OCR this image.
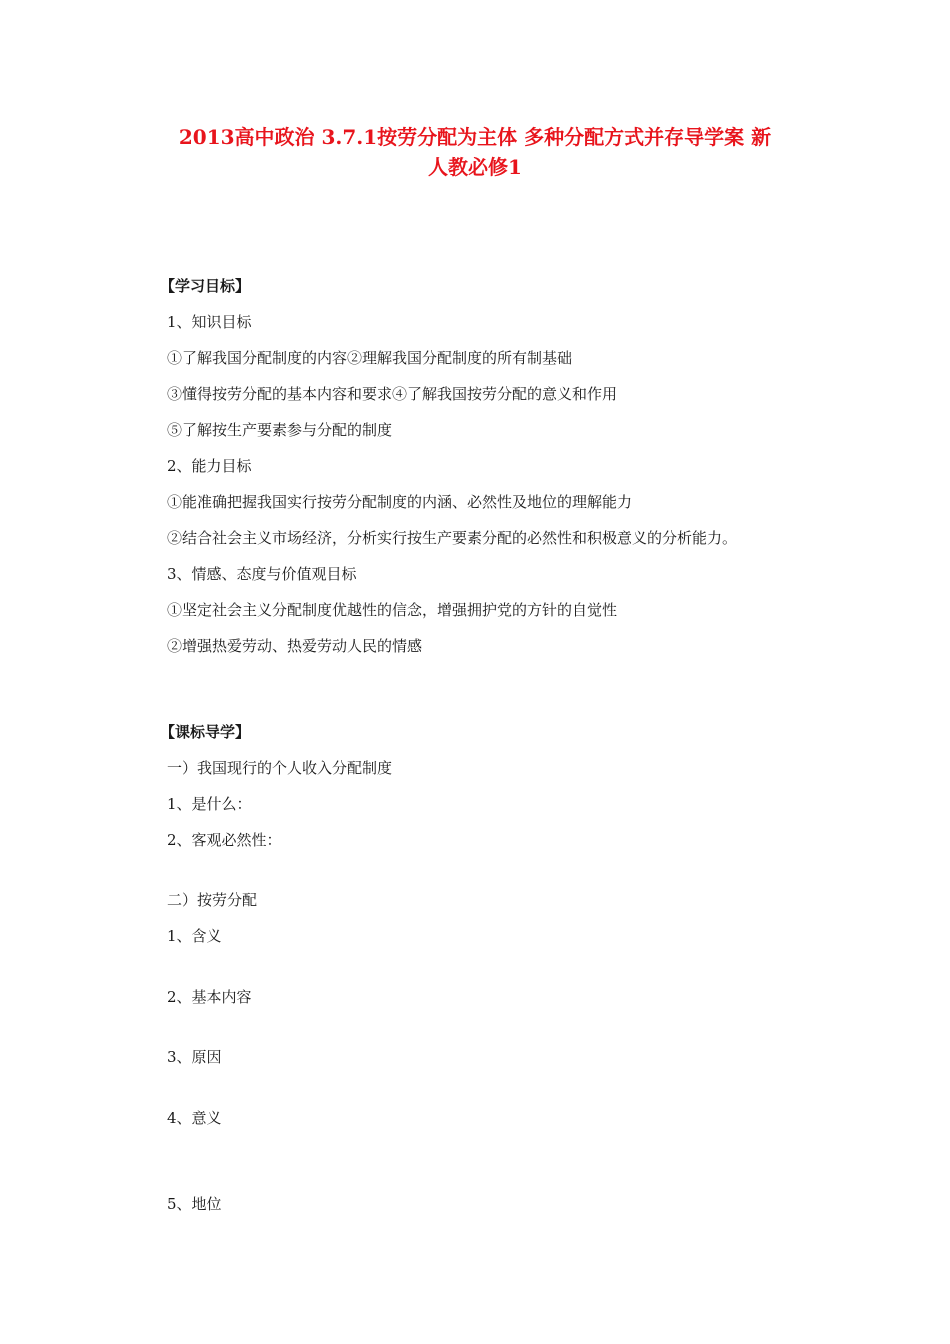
2013高中政治 3.7.1按劳分配为主体 多种分配方式并存导学案 新
人教必修1
【学习目标】
1、知识目标
①了解我国分配制度的内容②理解我国分配制度的所有制基础
③懂得按劳分配的基本内容和要求④了解我国按劳分配的意义和作用
⑤了解按生产要素参与分配的制度
2、能力目标
①能准确把握我国实行按劳分配制度的内涵、必然性及地位的理解能力
②结合社会主义市场经济，分析实行按生产要素分配的必然性和积极意义的分析能力。
3、情感、态度与价值观目标
①坚定社会主义分配制度优越性的信念，增强拥护党的方针的自觉性
②增强热爱劳动、热爱劳动人民的情感
【课标导学】
一）我国现行的个人收入分配制度
1、是什么：
2、客观必然性：
二）按劳分配
1、含义
2、基本内容
3、原因
4、意义
5、地位
